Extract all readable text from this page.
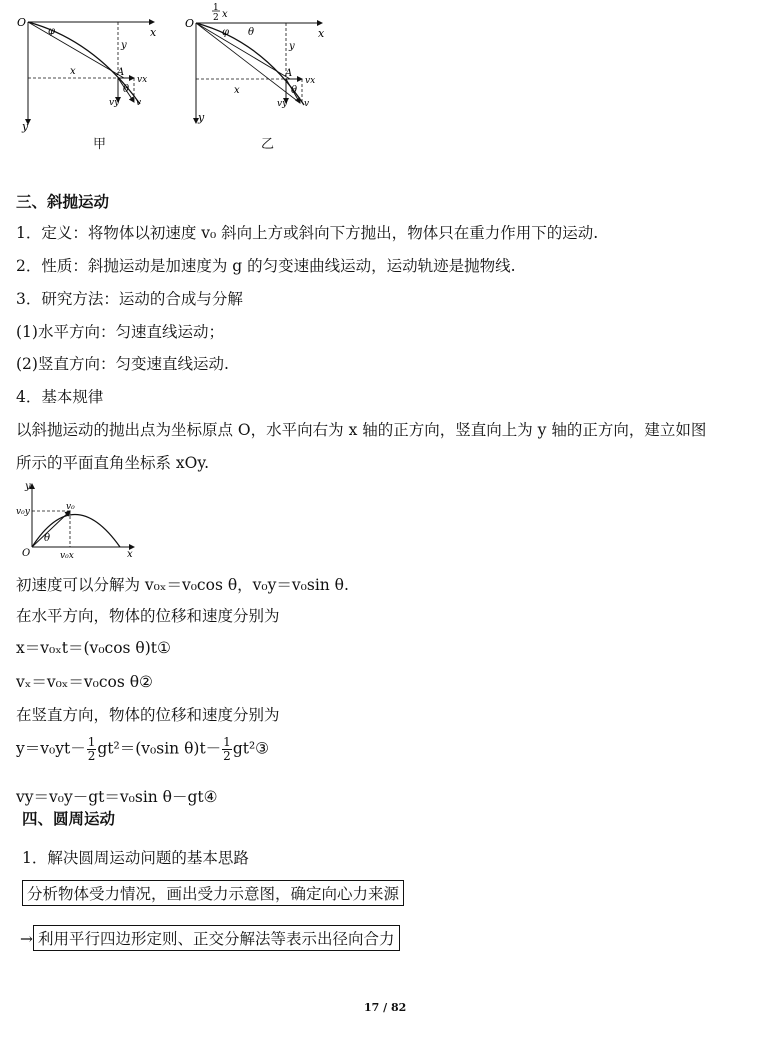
O
x
y
φ
y
x	A
vx
θ
vy v
甲
1
2 x
O
x
y
φ θ
y
x
A
vx
θ
vy v
乙
三、斜抛运动
1．定义：将物体以初速度 v₀ 斜向上方或斜向下方抛出，物体只在重力作用下的运动.
2．性质：斜抛运动是加速度为 g 的匀变速曲线运动，运动轨迹是抛物线.
3．研究方法：运动的合成与分解
(1)水平方向：匀速直线运动；
(2)竖直方向：匀变速直线运动.
4．基本规律
以斜抛运动的抛出点为坐标原点 O，水平向右为 x 轴的正方向，竖直向上为 y 轴的正方向，建立如图
所示的平面直角坐标系 xOy.
y
v₀y	v₀
θ
O	v₀x	x
初速度可以分解为 v₀ₓ＝v₀cos θ，v₀y＝v₀sin θ.
在水平方向，物体的位移和速度分别为
x＝v₀ₓt＝(v₀cos θ)t①
vₓ＝v₀ₓ＝v₀cos θ②
在竖直方向，物体的位移和速度分别为
$y=v_0yt- \frac{1}{2} gt^2=(v_0\sin$ $\theta)t- \frac{1}{2}$ gt²③
vy＝v₀y－gt＝v₀sin θ－gt④
四、圆周运动
1．解决圆周运动问题的基本思路
分析物体受力情况，画出受力示意图，确定向心力来源
→ 利用平行四边形定则、正交分解法等表示出径向合力
17 / 82
